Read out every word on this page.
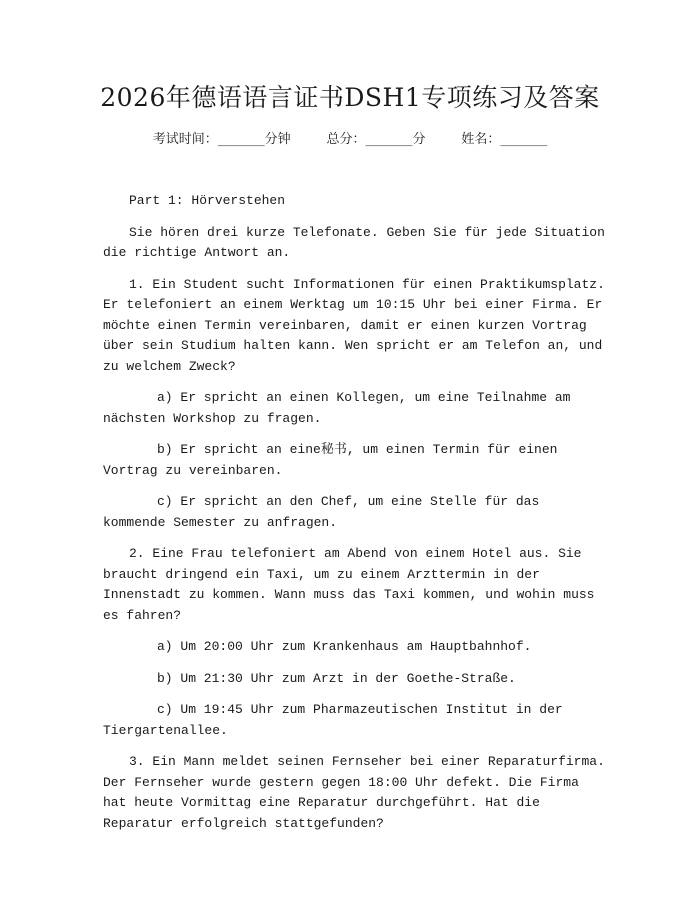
2026年德语语言证书DSH1专项练习及答案
考试时间：______分钟	总分：______分	姓名：______

Part 1: Hörverstehen

Sie hören drei kurze Telefonate. Geben Sie für jede Situation die richtige Antwort an.

1. Ein Student sucht Informationen für einen Praktikumsplatz. Er telefoniert an einem Werktag um 10:15 Uhr bei einer Firma. Er möchte einen Termin vereinbaren, damit er einen kurzen Vortrag über sein Studium halten kann. Wen spricht er am Telefon an, und zu welchem Zweck?

a) Er spricht an einen Kollegen, um eine Teilnahme am nächsten Workshop zu fragen.

b) Er spricht an eine秘书, um einen Termin für einen Vortrag zu vereinbaren.

c) Er spricht an den Chef, um eine Stelle für das kommende Semester zu anfragen.

2. Eine Frau telefoniert am Abend von einem Hotel aus. Sie braucht dringend ein Taxi, um zu einem Arzttermin in der Innenstadt zu kommen. Wann muss das Taxi kommen, und wohin muss es fahren?

a) Um 20:00 Uhr zum Krankenhaus am Hauptbahnhof.

b) Um 21:30 Uhr zum Arzt in der Goethe-Straße.

c) Um 19:45 Uhr zum Pharmazeutischen Institut in der Tiergartenallee.

3. Ein Mann meldet seinen Fernseher bei einer Reparaturfirma. Der Fernseher wurde gestern gegen 18:00 Uhr defekt. Die Firma hat heute Vormittag eine Reparatur durchgeführt. Hat die Reparatur erfolgreich stattgefunden?
